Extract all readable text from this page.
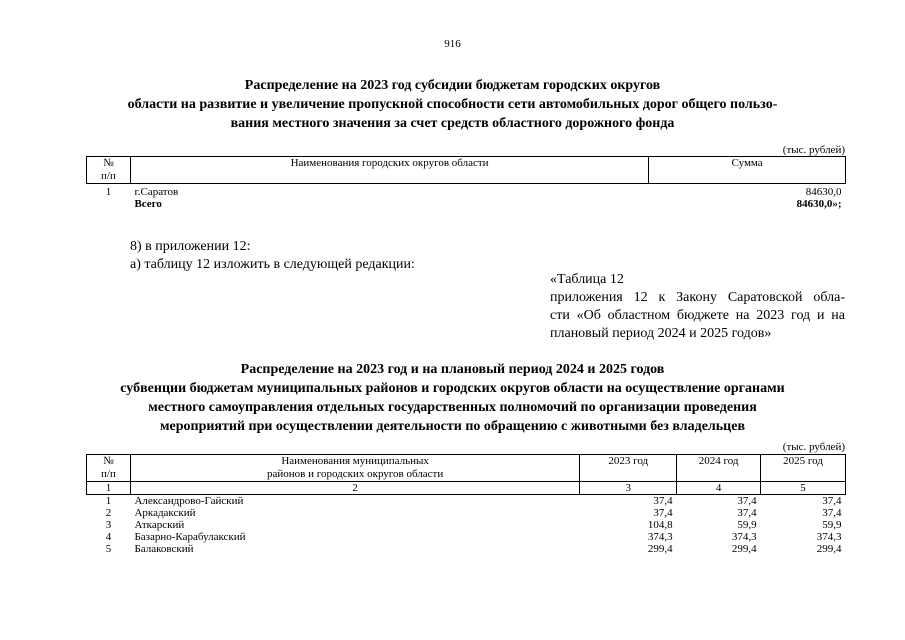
916
Распределение на 2023 год субсидии бюджетам городских округов
области на развитие и увеличение пропускной способности сети автомобильных дорог общего пользо-
вания местного значения за счет средств областного дорожного фонда
(тыс. рублей)
№
п/п	Наименования городских округов области	Сумма
1	г.Саратов	84630,0
	Всего	84630,0»;
8) в приложении 12:
а) таблицу 12 изложить в следующей редакции:
«Таблица 12
приложения 12 к Закону Саратовской обла-
сти «Об областном бюджете на 2023 год и на
плановый период 2024 и 2025 годов»
Распределение на 2023 год и на плановый период 2024 и 2025 годов
субвенции бюджетам муниципальных районов и городских округов области на осуществление органами
местного самоуправления отдельных государственных полномочий по организации проведения
мероприятий при осуществлении деятельности по обращению с животными без владельцев
(тыс. рублей)
№
п/п	Наименования муниципальных
районов и городских округов области	2023 год	2024 год	2025 год
1	2	3	4	5
1	Александрово-Гайский	37,4	37,4	37,4
2	Аркадакский	37,4	37,4	37,4
3	Аткарский	104,8	59,9	59,9
4	Базарно-Карабулакский	374,3	374,3	374,3
5	Балаковский	299,4	299,4	299,4
